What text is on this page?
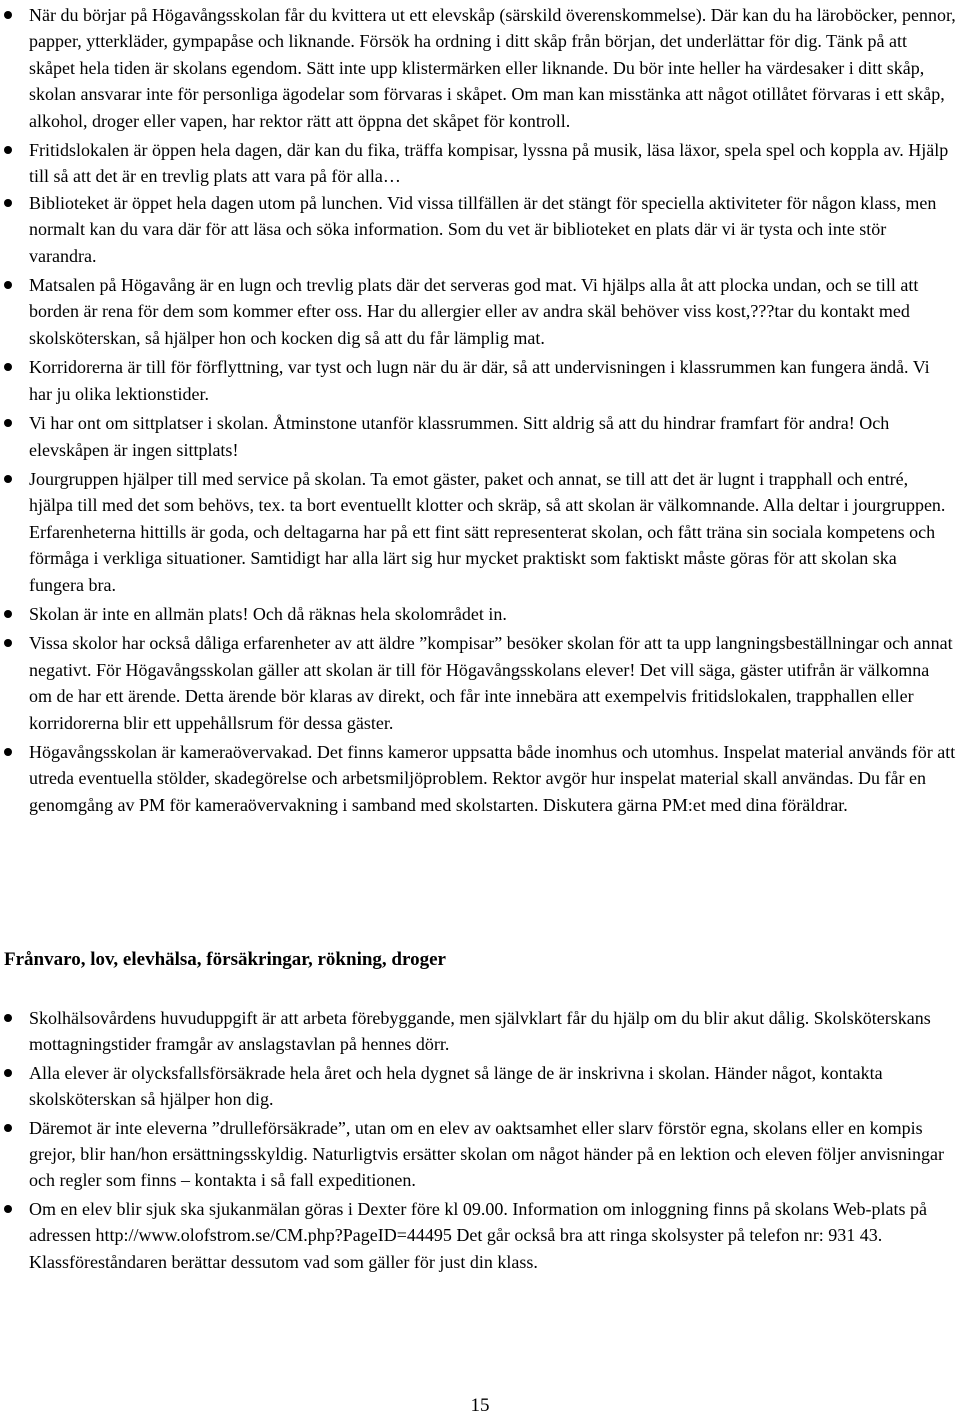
När du börjar på Högavångsskolan får du kvittera ut ett elevskåp (särskild överenskommelse). Där kan du ha läroböcker, pennor, papper, ytterkläder, gympapåse och liknande. Försök ha ordning i ditt skåp från början, det underlättar för dig. Tänk på att skåpet hela tiden är skolans egendom. Sätt inte upp klistermärken eller liknande. Du bör inte heller ha värdesaker i ditt skåp, skolan ansvarar inte för personliga ägodelar som förvaras i skåpet. Om man kan misstänka att något otillåtet förvaras i ett skåp, alkohol, droger eller vapen, har rektor rätt att öppna det skåpet för kontroll.
Fritidslokalen är öppen hela dagen, där kan du fika, träffa kompisar, lyssna på musik, läsa läxor, spela spel och koppla av. Hjälp till så att det är en trevlig plats att vara på för alla…
Biblioteket är öppet hela dagen utom på lunchen. Vid vissa tillfällen är det stängt för speciella aktiviteter för någon klass, men normalt kan du vara där för att läsa och söka information. Som du vet är biblioteket en plats där vi är tysta och inte stör varandra.
Matsalen på Högavång är en lugn och trevlig plats där det serveras god mat. Vi hjälps alla åt att plocka undan, och se till att borden är rena för dem som kommer efter oss. Har du allergier eller av andra skäl behöver viss kost,???tar du kontakt med skolsköterskan, så hjälper hon och kocken dig så att du får lämplig mat.
Korridorerna är till för förflyttning, var tyst och lugn när du är där, så att undervisningen i klassrummen kan fungera ändå. Vi har ju olika lektionstider.
Vi har ont om sittplatser i skolan. Åtminstone utanför klassrummen. Sitt aldrig så att du hindrar framfart för andra! Och elevskåpen är ingen sittplats!
Jourgruppen hjälper till med service på skolan. Ta emot gäster, paket och annat, se till att det är lugnt i trapphall och entré, hjälpa till med det som behövs, tex. ta bort eventuellt klotter och skräp, så att skolan är välkomnande. Alla deltar i jourgruppen. Erfarenheterna hittills är goda, och deltagarna har på ett fint sätt representerat skolan, och fått träna sin sociala kompetens och förmåga i verkliga situationer. Samtidigt har alla lärt sig hur mycket praktiskt som faktiskt måste göras för att skolan ska fungera bra.
Skolan är inte en allmän plats! Och då räknas hela skolområdet in.
Vissa skolor har också dåliga erfarenheter av att äldre ”kompisar” besöker skolan för att ta upp langningsbeställningar och annat negativt. För Högavångsskolan gäller att skolan är till för Högavångsskolans elever! Det vill säga, gäster utifrån är välkomna om de har ett ärende. Detta ärende bör klaras av direkt, och får inte innebära att exempelvis fritidslokalen, trapphallen eller korridorerna blir ett uppehållsrum för dessa gäster.
Högavångsskolan är kameraövervakad. Det finns kameror uppsatta både inomhus och utomhus. Inspelat material används för att utreda eventuella stölder, skadegörelse och arbetsmiljöproblem. Rektor avgör hur inspelat material skall användas. Du får en genomgång av PM för kameraövervakning i samband med skolstarten. Diskutera gärna PM:et med dina föräldrar.
Frånvaro, lov, elevhälsa, försäkringar, rökning, droger
Skolhälsovårdens huvuduppgift är att arbeta förebyggande, men självklart får du hjälp om du blir akut dålig. Skolsköterskans mottagningstider framgår av anslagstavlan på hennes dörr.
Alla elever är olycksfallsförsäkrade hela året och hela dygnet så länge de är inskrivna i skolan. Händer något, kontakta skolsköterskan så hjälper hon dig.
Däremot är inte eleverna ”drulleförsäkrade”, utan om en elev av oaktsamhet eller slarv förstör egna, skolans eller en kompis grejor, blir han/hon ersättningsskyldig. Naturligtvis ersätter skolan om något händer på en lektion och eleven följer anvisningar och regler som finns – kontakta i så fall expeditionen.
Om en elev blir sjuk ska sjukanmälan göras i Dexter före kl 09.00. Information om inloggning finns på skolans Web-plats på adressen http://www.olofstrom.se/CM.php?PageID=44495 Det går också bra att ringa skolsyster på telefon nr: 931 43. Klassföreståndaren berättar dessutom vad som gäller för just din klass.
15
